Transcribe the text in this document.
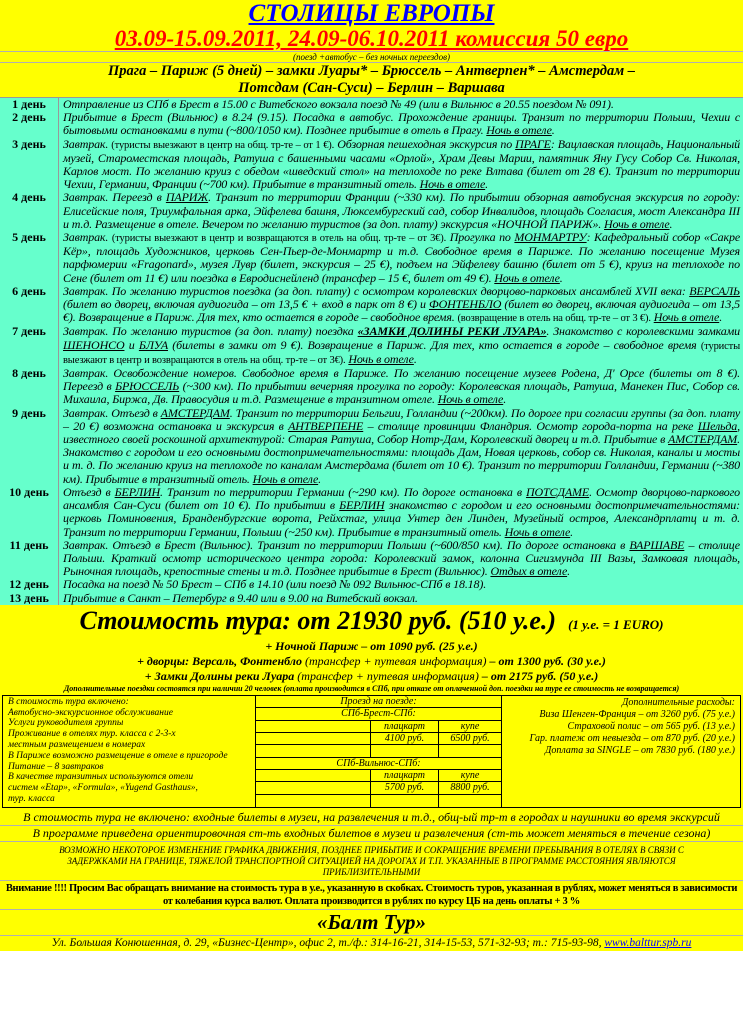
СТОЛИЦЫ ЕВРОПЫ
03.09-15.09.2011, 24.09-06.10.2011 комиссия 50 евро
(поезд +автобус – без ночных переездов)
Прага – Париж (5 дней) – замки Луары* – Брюссель – Антверпен* – Амстердам –
Потсдам (Сан-Суси) – Берлин – Варшава
1 день	Отправление из СПб в Брест в 15.00 с Витебского вокзала поезд № 49 (или в Вильнюс в 20.55 поездом № 091).
2 день	Прибытие в Брест (Вильнюс) в 8.24 (9.15). Посадка в автобус. Прохождение границы. Транзит по территории Польши, Чехии с бытовыми остановками в пути (~800/1050 км). Позднее прибытие в отель в Прагу. Ночь в отеле.
3 день	Завтрак. (туристы выезжают в центр на общ. тр-те – от 1 €). Обзорная пешеходная экскурсия по ПРАГЕ: Вацлавская площадь, Национальный музей, Староместская площадь, Ратуша с башенными часами «Орлой», Храм Девы Марии, памятник Яну Гусу Собор Св. Николая, Карлов мост. По желанию круиз с обедом «шведский стол» на теплоходе по реке Влтава (билет от 28 €). Транзит по территории Чехии, Германии, Франции (~700 км). Прибытие в транзитный отель. Ночь в отеле.
4 день	Завтрак. Переезд в ПАРИЖ. Транзит по территории Франции (~330 км). По прибытии обзорная автобусная экскурсия по городу: Елисейские поля, Триумфальная арка, Эйфелева башня, Люксембургский сад, собор Инвалидов, площадь Согласия, мост Александра III и т.д. Размещение в отеле. Вечером по желанию туристов (за доп. плату) экскурсия «НОЧНОЙ ПАРИЖ». Ночь в отеле.
5 день	Завтрак. (туристы выезжают в центр и возвращаются в отель на общ. тр-те – от 3€). Прогулка по МОНМАРТРУ: Кафедральный собор «Сакре Кёр», площадь Художников, церковь Сен-Пьер-де-Монмартр и т.д. Свободное время в Париже. По желанию посещение Музея парфюмерии «Fragonard», музея Лувр (билет, экскурсия – 25 €), подъем на Эйфелеву башню (билет от 5 €), круиз на теплоходе по Сене (билет от 11 €) или поездка в Евродиснейленд (трансфер – 15 €, билет от 49 €). Ночь в отеле.
6 день	Завтрак. По желанию туристов поездка (за доп. плату) с осмотром королевских дворцово-парковых ансамблей XVII века: ВЕРСАЛЬ (билет во дворец, включая аудиогида – от 13,5 € + вход в парк от 8 €) и ФОНТЕНБЛО (билет во дворец, включая аудиогида – от 13,5 €). Возвращение в Париж. Для тех, кто остается в городе – свободное время. (возвращение в отель на общ. тр-те – от 3 €). Ночь в отеле.
7 день	Завтрак. По желанию туристов (за доп. плату) поездка «ЗАМКИ ДОЛИНЫ РЕКИ ЛУАРА». Знакомство с королевскими замками ШЕНОНСО и БЛУА (билеты в замки от 9 €). Возвращение в Париж. Для тех, кто остается в городе – свободное время (туристы выезжают в центр и возвращаются в отель на общ. тр-те – от 3€). Ночь в отеле.
8 день	Завтрак. Освобождение номеров. Свободное время в Париже. По желанию посещение музеев Родена, Д' Орсе (билеты от 8 €). Переезд в БРЮССЕЛЬ (~300 км). По прибытии вечерняя прогулка по городу: Королевская площадь, Ратуша, Манекен Пис, Собор св. Михаила, Биржа, Дв. Правосудия и т.д. Размещение в транзитном отеле. Ночь в отеле.
9 день	Завтрак. Отъезд в АМСТЕРДАМ. Транзит по территории Бельгии, Голландии (~200км). По дороге при согласии группы (за доп. плату – 20 €) возможна остановка и экскурсия в АНТВЕРПЕНЕ – столице провинции Фландрия. Осмотр города-порта на реке Шельда, известного своей роскошной архитектурой: Старая Ратуша, Собор Нотр-Дам, Королевский дворец и т.д. Прибытие в АМСТЕРДАМ. Знакомство с городом и его основными достопримечательностями: площадь Дам, Новая церковь, собор св. Николая, каналы и мосты и т. д. По желанию круиз на теплоходе по каналам Амстердама (билет от 10 €). Транзит по территории Голландии, Германии (~380 км). Прибытие в транзитный отель. Ночь в отеле.
10 день	Отъезд в БЕРЛИН. Транзит по территории Германии (~290 км). По дороге остановка в ПОТСДАМЕ. Осмотр дворцово-паркового ансамбля Сан-Суси (билет от 10 €). По прибытии в БЕРЛИН знакомство с городом и его основными достопримечательностями: церковь Поминовения, Бранденбургские ворота, Рейхстаг, улица Унтер ден Линден, Музейный остров, Александрплатц и т. д. Транзит по территории Германии, Польши (~250 км). Прибытие в транзитный отель. Ночь в отеле.
11 день	Завтрак. Отъезд в Брест (Вильнюс). Транзит по территории Польши (~600/850 км). По дороге остановка в ВАРШАВЕ – столице Польши. Краткий осмотр исторического центра города: Королевский замок, колонна Сигизмунда III Вазы, Замковая площадь, Рыночная площадь, крепостные стены и т.д. Позднее прибытие в Брест (Вильнюс). Отдых в отеле.
12 день	Посадка на поезд № 50 Брест – СПб в 14.10 (или поезд № 092 Вильнюс-СПб в 18.18).
13 день	Прибытие в Санкт – Петербург в 9.40 или в 9.00 на Витебский вокзал.
Стоимость тура: от 21930 руб. (510 у.е.) (1 у.е. = 1 EURO)
+ Ночной Париж – от 1090 руб. (25 у.е.)
+ дворцы: Версаль, Фонтенбло (трансфер + путевая информация) – от 1300 руб. (30 у.е.)
+ Замки Долины реки Луара (трансфер + путевая информация) – от 2175 руб. (50 у.е.)
Дополнительные поездки состоятся при наличии 20 человек (оплата производится в СПб, при отказе от оплаченной доп. поездки на туре ее стоимость не возвращается)
В стоимость тура включено:
Автобусно-экскурсионное обслуживание
Услуги руководителя группы
Проживание в отелях тур. класса с 2-3-х
местным размещением в номерах
В Париже возможно размещение в отеле в пригороде
Питание – 8 завтраков
В качестве транзитных используются отели
систем «Etap», «Formula», «Yugend Gasthaus»,
тур. класса
Проезд на поезде:
СПб-Брест-СПб:
плацкарт	купе
4100 руб.	6500 руб.
СПб-Вильнюс-СПб:
плацкарт	купе
5700 руб.	8800 руб.
Дополнительные расходы:
Виза Шенген-Франция – от 3260 руб. (75 у.е.)
Страховой полис – от 565 руб. (13 у.е.)
Гар. платеж от невыезда – от 870 руб. (20 у.е.)
Доплата за SINGLE – от 7830 руб. (180 у.е.)
В стоимость тура не включено: входные билеты в музеи, на развлечения и т.д., общ-ый тр-т в городах и наушники во время экскурсий
В программе приведена ориентировочная ст-ть входных билетов в музеи и развлечения (ст-ть может меняться в течение сезона)
ВОЗМОЖНО НЕКОТОРОЕ ИЗМЕНЕНИЕ ГРАФИКА ДВИЖЕНИЯ, ПОЗДНЕЕ ПРИБЫТИЕ И СОКРАЩЕНИЕ ВРЕМЕНИ ПРЕБЫВАНИЯ В ОТЕЛЯХ В СВЯЗИ С ЗАДЕРЖКАМИ НА ГРАНИЦЕ, ТЯЖЕЛОЙ ТРАНСПОРТНОЙ СИТУАЦИЕЙ НА ДОРОГАХ И Т.П. УКАЗАННЫЕ В ПРОГРАММЕ РАССТОЯНИЯ ЯВЛЯЮТСЯ ПРИБЛИЗИТЕЛЬНЫМИ
Внимание !!!! Просим Вас обращать внимание на стоимость тура в у.е., указанную в скобках. Стоимость туров, указанная в рублях, может меняться в зависимости от колебания курса валют. Оплата производится в рублях по курсу ЦБ на день оплаты + 3 %
«Балт Тур»
Ул. Большая Конюшенная, д. 29, «Бизнес-Центр», офис 2, т./ф.: 314-16-21, 314-15-53, 571-32-93; т.: 715-93-98, www.balttur.spb.ru
